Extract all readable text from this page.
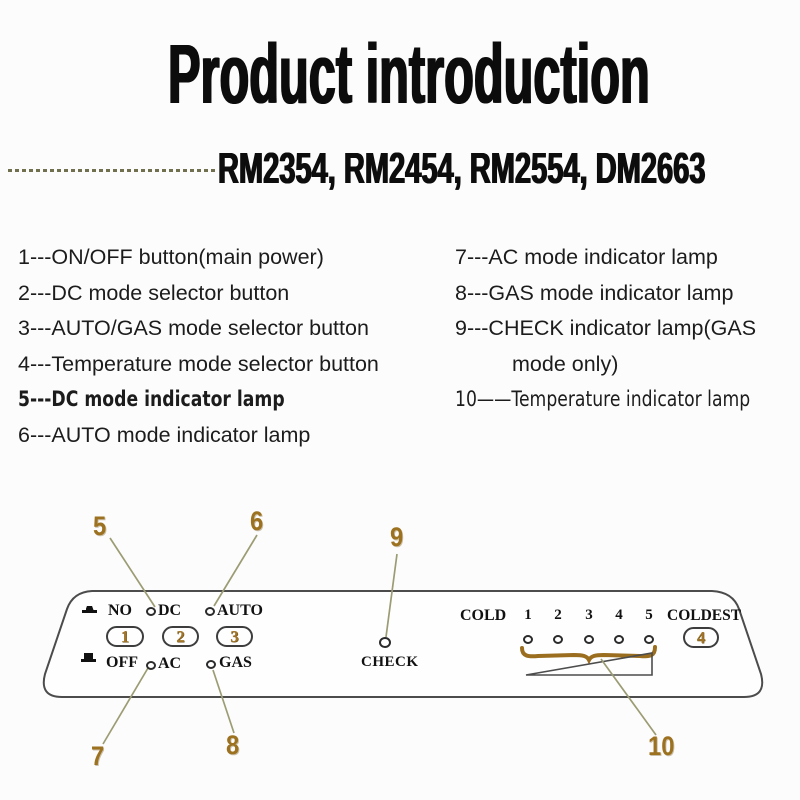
Product introduction
RM2354, RM2454, RM2554, DM2663
1---ON/OFF button(main power)
2---DC mode selector button
3---AUTO/GAS mode selector button
4---Temperature mode selector button
5---DC mode indicator lamp
6---AUTO mode indicator lamp
7---AC mode indicator lamp
8---GAS mode indicator lamp
9---CHECK indicator lamp(GAS
mode only)
10——Temperature indicator lamp
NO DC AUTO
1	2	3
OFF AC GAS	CHECK
COLD	1	2	3	4	5 COLDEST
4
5	6
9
7	8	10
